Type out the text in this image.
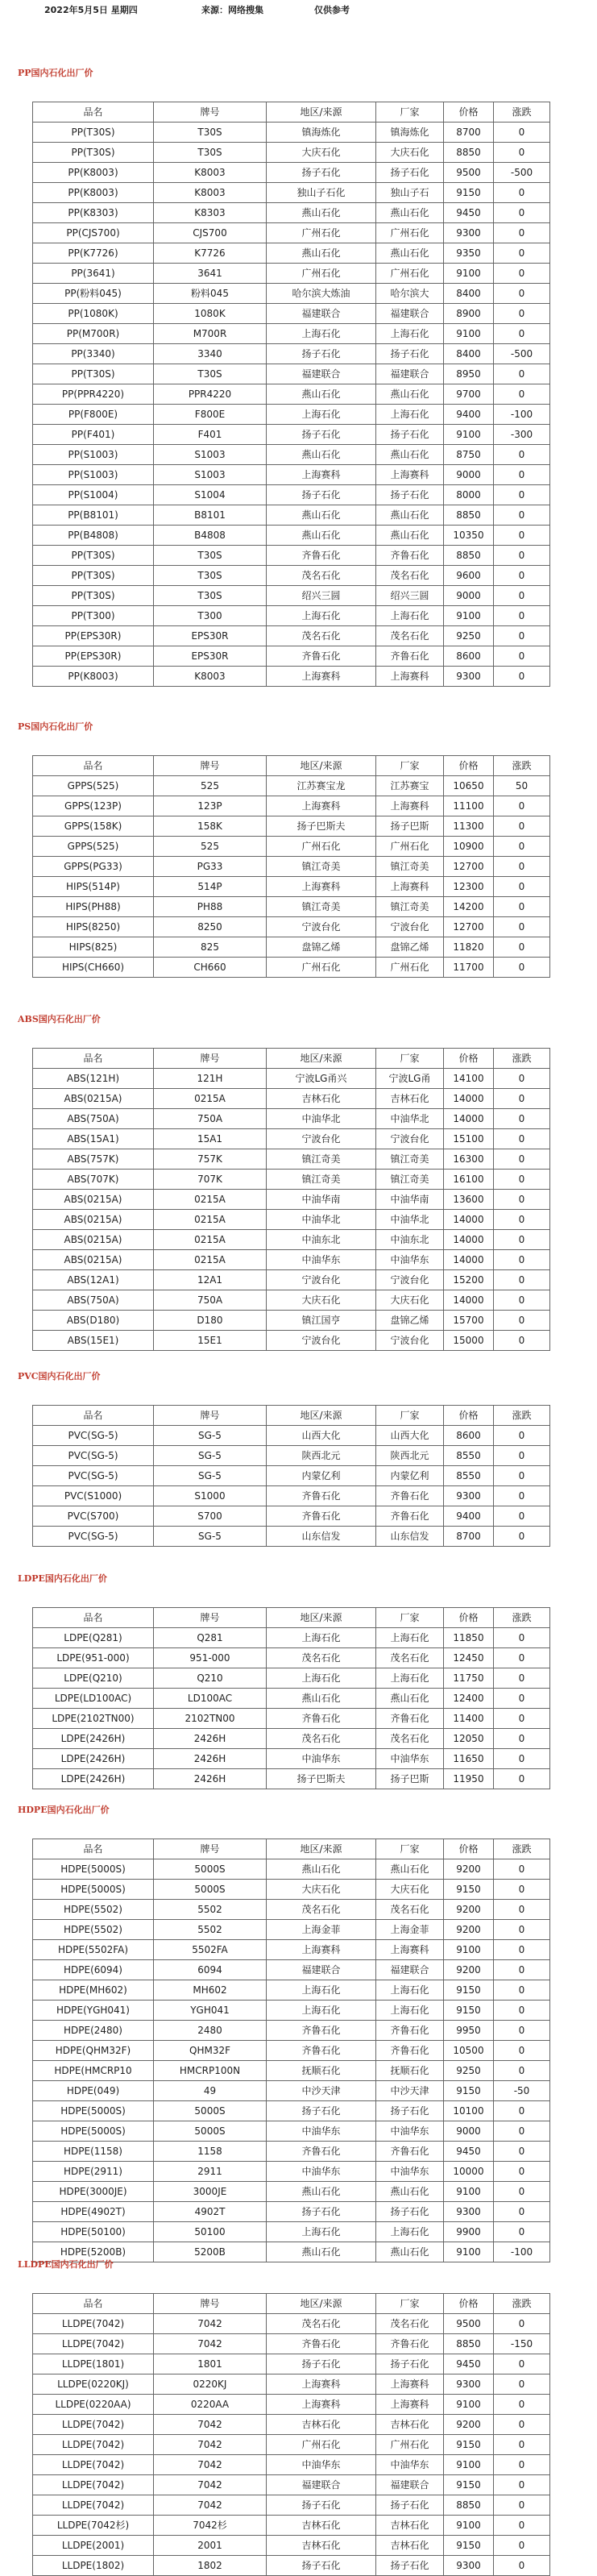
2022年5月5日 星期四	来源：网络搜集	仅供参考
PP国内石化出厂价
品名	牌号	地区/来源	厂家	价格	涨跌
PP(T30S)	T30S	镇海炼化	镇海炼化	8700	0
PP(T30S)	T30S	大庆石化	大庆石化	8850	0
PP(K8003)	K8003	扬子石化	扬子石化	9500	-500
PP(K8003)	K8003	独山子石化	独山子石	9150	0
PP(K8303)	K8303	燕山石化	燕山石化	9450	0
PP(CJS700)	CJS700	广州石化	广州石化	9300	0
PP(K7726)	K7726	燕山石化	燕山石化	9350	0
PP(3641)	3641	广州石化	广州石化	9100	0
PP(粉料045)	粉料045	哈尔滨大炼油	哈尔滨大	8400	0
PP(1080K)	1080K	福建联合	福建联合	8900	0
PP(M700R)	M700R	上海石化	上海石化	9100	0
PP(3340)	3340	扬子石化	扬子石化	8400	-500
PP(T30S)	T30S	福建联合	福建联合	8950	0
PP(PPR4220)	PPR4220	燕山石化	燕山石化	9700	0
PP(F800E)	F800E	上海石化	上海石化	9400	-100
PP(F401)	F401	扬子石化	扬子石化	9100	-300
PP(S1003)	S1003	燕山石化	燕山石化	8750	0
PP(S1003)	S1003	上海赛科	上海赛科	9000	0
PP(S1004)	S1004	扬子石化	扬子石化	8000	0
PP(B8101)	B8101	燕山石化	燕山石化	8850	0
PP(B4808)	B4808	燕山石化	燕山石化	10350	0
PP(T30S)	T30S	齐鲁石化	齐鲁石化	8850	0
PP(T30S)	T30S	茂名石化	茂名石化	9600	0
PP(T30S)	T30S	绍兴三圆	绍兴三圆	9000	0
PP(T300)	T300	上海石化	上海石化	9100	0
PP(EPS30R)	EPS30R	茂名石化	茂名石化	9250	0
PP(EPS30R)	EPS30R	齐鲁石化	齐鲁石化	8600	0
PP(K8003)	K8003	上海赛科	上海赛科	9300	0
PS国内石化出厂价
品名	牌号	地区/来源	厂家	价格	涨跌
GPPS(525)	525	江苏赛宝龙	江苏赛宝	10650	50
GPPS(123P)	123P	上海赛科	上海赛科	11100	0
GPPS(158K)	158K	扬子巴斯夫	扬子巴斯	11300	0
GPPS(525)	525	广州石化	广州石化	10900	0
GPPS(PG33)	PG33	镇江奇美	镇江奇美	12700	0
HIPS(514P)	514P	上海赛科	上海赛科	12300	0
HIPS(PH88)	PH88	镇江奇美	镇江奇美	14200	0
HIPS(8250)	8250	宁波台化	宁波台化	12700	0
HIPS(825)	825	盘锦乙烯	盘锦乙烯	11820	0
HIPS(CH660)	CH660	广州石化	广州石化	11700	0
ABS国内石化出厂价
品名	牌号	地区/来源	厂家	价格	涨跌
ABS(121H)	121H	宁波LG甬兴	宁波LG甬	14100	0
ABS(0215A)	0215A	吉林石化	吉林石化	14000	0
ABS(750A)	750A	中油华北	中油华北	14000	0
ABS(15A1)	15A1	宁波台化	宁波台化	15100	0
ABS(757K)	757K	镇江奇美	镇江奇美	16300	0
ABS(707K)	707K	镇江奇美	镇江奇美	16100	0
ABS(0215A)	0215A	中油华南	中油华南	13600	0
ABS(0215A)	0215A	中油华北	中油华北	14000	0
ABS(0215A)	0215A	中油东北	中油东北	14000	0
ABS(0215A)	0215A	中油华东	中油华东	14000	0
ABS(12A1)	12A1	宁波台化	宁波台化	15200	0
ABS(750A)	750A	大庆石化	大庆石化	14000	0
ABS(D180)	D180	镇江国亨	盘锦乙烯	15700	0
ABS(15E1)	15E1	宁波台化	宁波台化	15000	0
PVC国内石化出厂价
品名	牌号	地区/来源	厂家	价格	涨跌
PVC(SG-5)	SG-5	山西大化	山西大化	8600	0
PVC(SG-5)	SG-5	陕西北元	陕西北元	8550	0
PVC(SG-5)	SG-5	内蒙亿利	内蒙亿利	8550	0
PVC(S1000)	S1000	齐鲁石化	齐鲁石化	9300	0
PVC(S700)	S700	齐鲁石化	齐鲁石化	9400	0
PVC(SG-5)	SG-5	山东信发	山东信发	8700	0
LDPE国内石化出厂价
品名	牌号	地区/来源	厂家	价格	涨跌
LDPE(Q281)	Q281	上海石化	上海石化	11850	0
LDPE(951-000)	951-000	茂名石化	茂名石化	12450	0
LDPE(Q210)	Q210	上海石化	上海石化	11750	0
LDPE(LD100AC)	LD100AC	燕山石化	燕山石化	12400	0
LDPE(2102TN00)	2102TN00	齐鲁石化	齐鲁石化	11400	0
LDPE(2426H)	2426H	茂名石化	茂名石化	12050	0
LDPE(2426H)	2426H	中油华东	中油华东	11650	0
LDPE(2426H)	2426H	扬子巴斯夫	扬子巴斯	11950	0
HDPE国内石化出厂价
品名	牌号	地区/来源	厂家	价格	涨跌
HDPE(5000S)	5000S	燕山石化	燕山石化	9200	0
HDPE(5000S)	5000S	大庆石化	大庆石化	9150	0
HDPE(5502)	5502	茂名石化	茂名石化	9200	0
HDPE(5502)	5502	上海金菲	上海金菲	9200	0
HDPE(5502FA)	5502FA	上海赛科	上海赛科	9100	0
HDPE(6094)	6094	福建联合	福建联合	9200	0
HDPE(MH602)	MH602	上海石化	上海石化	9150	0
HDPE(YGH041)	YGH041	上海石化	上海石化	9150	0
HDPE(2480)	2480	齐鲁石化	齐鲁石化	9950	0
HDPE(QHM32F)	QHM32F	齐鲁石化	齐鲁石化	10500	0
HDPE(HMCRP10	HMCRP100N	抚顺石化	抚顺石化	9250	0
HDPE(049)	49	中沙天津	中沙天津	9150	-50
HDPE(5000S)	5000S	扬子石化	扬子石化	10100	0
HDPE(5000S)	5000S	中油华东	中油华东	9000	0
HDPE(1158)	1158	齐鲁石化	齐鲁石化	9450	0
HDPE(2911)	2911	中油华东	中油华东	10000	0
HDPE(3000JE)	3000JE	燕山石化	燕山石化	9100	0
HDPE(4902T)	4902T	扬子石化	扬子石化	9300	0
HDPE(50100)	50100	上海石化	上海石化	9900	0
HDPE(5200B)	5200B	燕山石化	燕山石化	9100	-100
LLDPE国内石化出厂价
品名	牌号	地区/来源	厂家	价格	涨跌
LLDPE(7042)	7042	茂名石化	茂名石化	9500	0
LLDPE(7042)	7042	齐鲁石化	齐鲁石化	8850	-150
LLDPE(1801)	1801	扬子石化	扬子石化	9450	0
LLDPE(0220KJ)	0220KJ	上海赛科	上海赛科	9300	0
LLDPE(0220AA)	0220AA	上海赛科	上海赛科	9100	0
LLDPE(7042)	7042	吉林石化	吉林石化	9200	0
LLDPE(7042)	7042	广州石化	广州石化	9150	0
LLDPE(7042)	7042	中油华东	中油华东	9100	0
LLDPE(7042)	7042	福建联合	福建联合	9150	0
LLDPE(7042)	7042	扬子石化	扬子石化	8850	0
LLDPE(7042杉)	7042杉	吉林石化	吉林石化	9100	0
LLDPE(2001)	2001	吉林石化	吉林石化	9150	0
LLDPE(1802)	1802	扬子石化	扬子石化	9300	0
